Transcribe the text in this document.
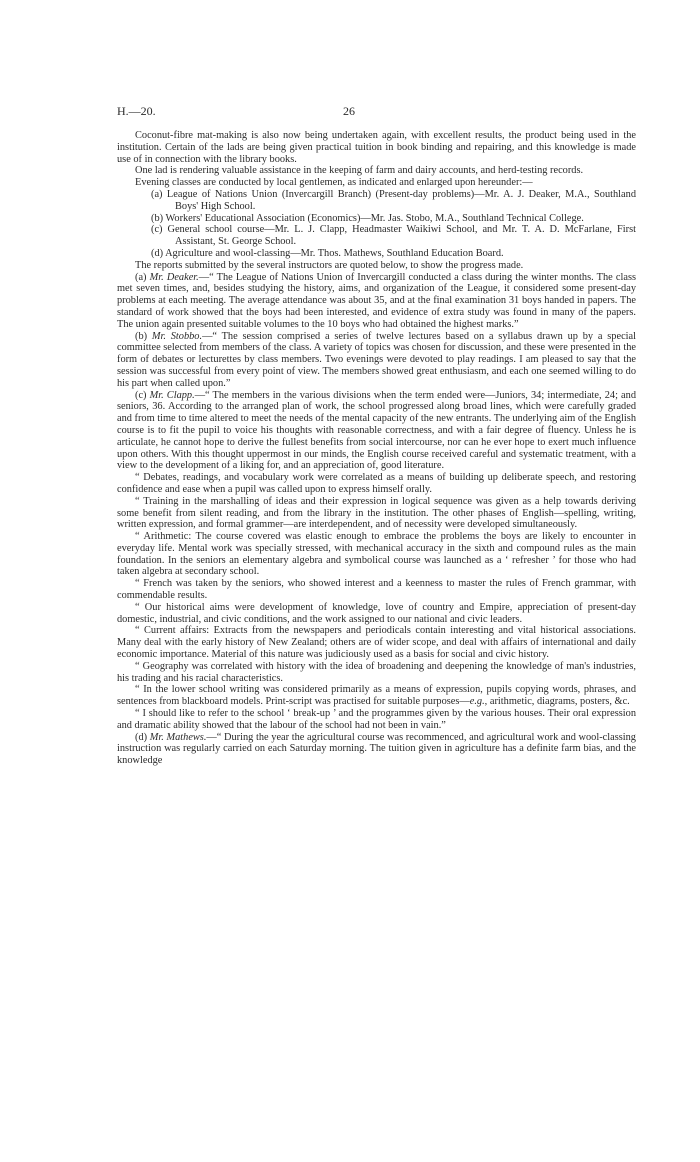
H.—20.	26

Coconut-fibre mat-making is also now being undertaken again, with excellent results, the product being used in the institution. Certain of the lads are being given practical tuition in book binding and repairing, and this knowledge is made use of in connection with the library books.

One lad is rendering valuable assistance in the keeping of farm and dairy accounts, and herd-testing records.

Evening classes are conducted by local gentlemen, as indicated and enlarged upon hereunder:—

(a) League of Nations Union (Invercargill Branch) (Present-day problems)—Mr. A. J. Deaker, M.A., Southland Boys' High School.

(b) Workers' Educational Association (Economics)—Mr. Jas. Stobo, M.A., Southland Technical College.

(c) General school course—Mr. L. J. Clapp, Headmaster Waikiwi School, and Mr. T. A. D. McFarlane, First Assistant, St. George School.

(d) Agriculture and wool-classing—Mr. Thos. Mathews, Southland Education Board.

The reports submitted by the several instructors are quoted below, to show the progress made.

(a) Mr. Deaker.—“ The League of Nations Union of Invercargill conducted a class during the winter months. The class met seven times, and, besides studying the history, aims, and organization of the League, it considered some present-day problems at each meeting. The average attendance was about 35, and at the final examination 31 boys handed in papers. The standard of work showed that the boys had been interested, and evidence of extra study was found in many of the papers. The union again presented suitable volumes to the 10 boys who had obtained the highest marks.”

(b) Mr. Stobbo.—“ The session comprised a series of twelve lectures based on a syllabus drawn up by a special committee selected from members of the class. A variety of topics was chosen for discussion, and these were presented in the form of debates or lecturettes by class members. Two evenings were devoted to play readings. I am pleased to say that the session was successful from every point of view. The members showed great enthusiasm, and each one seemed willing to do his part when called upon.”

(c) Mr. Clapp.—“ The members in the various divisions when the term ended were—Juniors, 34; intermediate, 24; and seniors, 36. According to the arranged plan of work, the school progressed along broad lines, which were carefully graded and from time to time altered to meet the needs of the mental capacity of the new entrants. The underlying aim of the English course is to fit the pupil to voice his thoughts with reasonable correctness, and with a fair degree of fluency. Unless he is articulate, he cannot hope to derive the fullest benefits from social intercourse, nor can he ever hope to exert much influence upon others. With this thought uppermost in our minds, the English course received careful and systematic treatment, with a view to the development of a liking for, and an appreciation of, good literature.

“ Debates, readings, and vocabulary work were correlated as a means of building up deliberate speech, and restoring confidence and ease when a pupil was called upon to express himself orally.

“ Training in the marshalling of ideas and their expression in logical sequence was given as a help towards deriving some benefit from silent reading, and from the library in the institution. The other phases of English—spelling, writing, written expression, and formal grammer—are interdependent, and of necessity were developed simultaneously.

“ Arithmetic: The course covered was elastic enough to embrace the problems the boys are likely to encounter in everyday life. Mental work was specially stressed, with mechanical accuracy in the sixth and compound rules as the main foundation. In the seniors an elementary algebra and symbolical course was launched as a ‘ refresher ’ for those who had taken algebra at secondary school.

“ French was taken by the seniors, who showed interest and a keenness to master the rules of French grammar, with commendable results.

“ Our historical aims were development of knowledge, love of country and Empire, appreciation of present-day domestic, industrial, and civic conditions, and the work assigned to our national and civic leaders.

“ Current affairs: Extracts from the newspapers and periodicals contain interesting and vital historical associations. Many deal with the early history of New Zealand; others are of wider scope, and deal with affairs of international and daily economic importance. Material of this nature was judiciously used as a basis for social and civic history.

“ Geography was correlated with history with the idea of broadening and deepening the knowledge of man's industries, his trading and his racial characteristics.

“ In the lower school writing was considered primarily as a means of expression, pupils copying words, phrases, and sentences from blackboard models. Print-script was practised for suitable purposes—e.g., arithmetic, diagrams, posters, &c.

“ I should like to refer to the school ‘ break-up ’ and the programmes given by the various houses. Their oral expression and dramatic ability showed that the labour of the school had not been in vain.”

(d) Mr. Mathews.—“ During the year the agricultural course was recommenced, and agricultural work and wool-classing instruction was regularly carried on each Saturday morning. The tuition given in agriculture has a definite farm bias, and the knowledge
